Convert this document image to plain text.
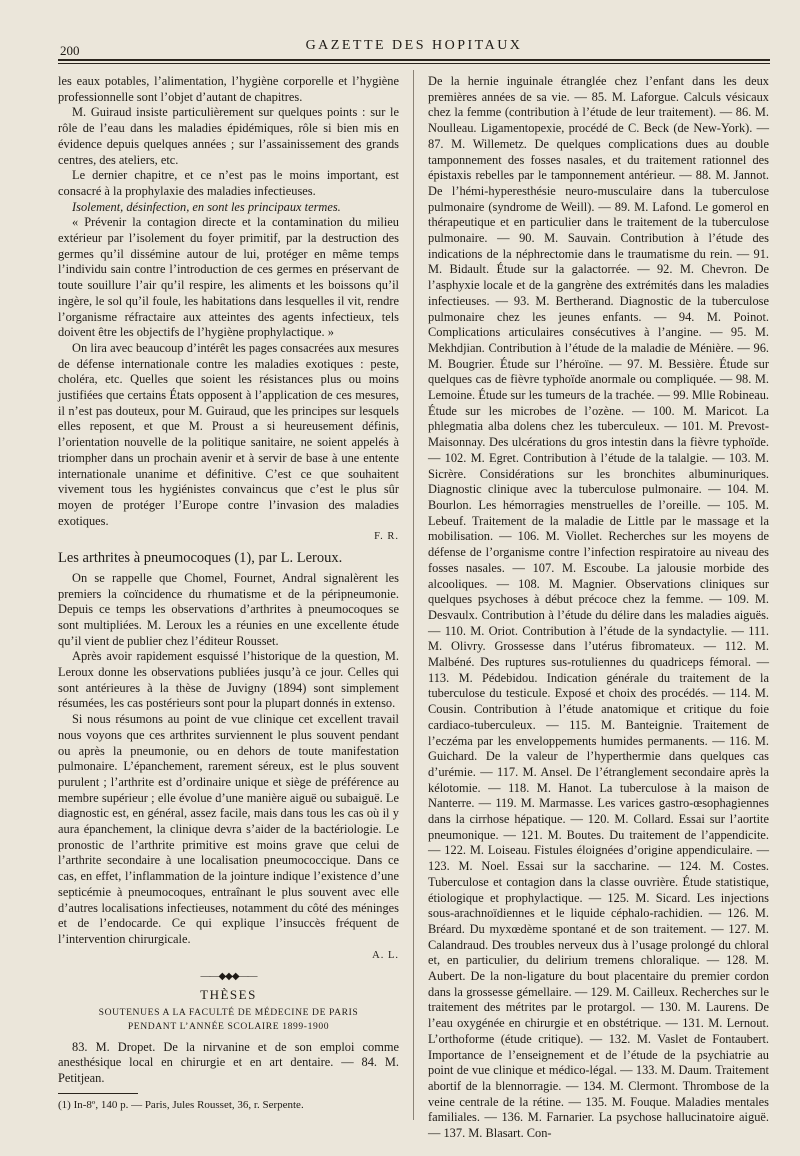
200	GAZETTE DES HOPITAUX

les eaux potables, l’alimentation, l’hygiène corporelle et l’hygiène professionnelle sont l’objet d’autant de chapitres.

M. Guiraud insiste particulièrement sur quelques points : sur le rôle de l’eau dans les maladies épidémiques, rôle si bien mis en évidence depuis quelques années ; sur l’assainissement des grands centres, des ateliers, etc.

Le dernier chapitre, et ce n’est pas le moins important, est consacré à la prophylaxie des maladies infectieuses.

Isolement, désinfection, en sont les principaux termes.

« Prévenir la contagion directe et la contamination du milieu extérieur par l’isolement du foyer primitif, par la destruction des germes qu’il dissémine autour de lui, protéger en même temps l’individu sain contre l’introduction de ces germes en préservant de toute souillure l’air qu’il respire, les aliments et les boissons qu’il ingère, le sol qu’il foule, les habitations dans lesquelles il vit, rendre l’organisme réfractaire aux atteintes des agents infectieux, tels doivent être les objectifs de l’hygiène prophylactique. »

On lira avec beaucoup d’intérêt les pages consacrées aux mesures de défense internationale contre les maladies exotiques : peste, choléra, etc. Quelles que soient les résistances plus ou moins justifiées que certains États opposent à l’application de ces mesures, il n’est pas douteux, pour M. Guiraud, que les principes sur lesquels elles reposent, et que M. Proust a si heureusement définis, l’orientation nouvelle de la politique sanitaire, ne soient appelés à triompher dans un prochain avenir et à servir de base à une entente internationale unanime et définitive. C’est ce que souhaitent vivement tous les hygiénistes convaincus que c’est le plus sûr moyen de protéger l’Europe contre l’invasion des maladies exotiques.

F. R.
Les arthrites à pneumocoques (1), par L. Leroux.

On se rappelle que Chomel, Fournet, Andral signalèrent les premiers la coïncidence du rhumatisme et de la péripneumonie. Depuis ce temps les observations d’arthrites à pneumocoques se sont multipliées. M. Leroux les a réunies en une excellente étude qu’il vient de publier chez l’éditeur Rousset.

Après avoir rapidement esquissé l’historique de la question, M. Leroux donne les observations publiées jusqu’à ce jour. Celles qui sont antérieures à la thèse de Juvigny (1894) sont simplement résumées, les cas postérieurs sont pour la plupart donnés in extenso.

Si nous résumons au point de vue clinique cet excellent travail nous voyons que ces arthrites surviennent le plus souvent pendant ou après la pneumonie, ou en dehors de toute manifestation pulmonaire. L’épanchement, rarement séreux, est le plus souvent purulent ; l’arthrite est d’ordinaire unique et siège de préférence au membre supérieur ; elle évolue d’une manière aiguë ou subaiguë. Le diagnostic est, en général, assez facile, mais dans tous les cas où il y aura épanchement, la clinique devra s’aider de la bactériologie. Le pronostic de l’arthrite primitive est moins grave que celui de l’arthrite secondaire à une localisation pneumococcique. Dans ce cas, en effet, l’inflammation de la jointure indique l’existence d’une septicémie à pneumocoques, entraînant le plus souvent avec elle d’autres localisations infectieuses, notamment du côté des méninges et de l’endocarde. Ce qui explique l’insuccès fréquent de l’intervention chirurgicale.

A. L.
——◆◆◆——
THÈSES
SOUTENUES A LA FACULTÉ DE MÉDECINE DE PARIS
PENDANT L’ANNÉE SCOLAIRE 1899-1900

83. M. Dropet. De la nirvanine et de son emploi comme anesthésique local en chirurgie et en art dentaire. — 84. M. Petitjean.

(1) In-8º, 140 p. — Paris, Jules Rousset, 36, r. Serpente.

De la hernie inguinale étranglée chez l’enfant dans les deux premières années de sa vie. — 85. M. Laforgue. Calculs vésicaux chez la femme (contribution à l’étude de leur traitement). — 86. M. Noulleau. Ligamentopexie, procédé de C. Beck (de New-York). — 87. M. Willemetz. De quelques complications dues au double tamponnement des fosses nasales, et du traitement rationnel des épistaxis rebelles par le tamponnement antérieur. — 88. M. Jannot. De l’hémi-hyperesthésie neuro-musculaire dans la tuberculose pulmonaire (syndrome de Weill). — 89. M. Lafond. Le gomerol en thérapeutique et en particulier dans le traitement de la tuberculose pulmonaire. — 90. M. Sauvain. Contribution à l’étude des indications de la néphrectomie dans le traumatisme du rein. — 91. M. Bidault. Étude sur la galactorrée. — 92. M. Chevron. De l’asphyxie locale et de la gangrène des extrémités dans les maladies infectieuses. — 93. M. Bertherand. Diagnostic de la tuberculose pulmonaire chez les jeunes enfants. — 94. M. Poinot. Complications articulaires consécutives à l’angine. — 95. M. Mekhdjian. Contribution à l’étude de la maladie de Ménière. — 96. M. Bougrier. Étude sur l’héroïne. — 97. M. Bessière. Étude sur quelques cas de fièvre typhoïde anormale ou compliquée. — 98. M. Lemoine. Étude sur les tumeurs de la trachée. — 99. Mlle Robineau. Étude sur les microbes de l’ozène. — 100. M. Maricot. La phlegmatia alba dolens chez les tuberculeux. — 101. M. Prevost-Maisonnay. Des ulcérations du gros intestin dans la fièvre typhoïde. — 102. M. Egret. Contribution à l’étude de la talalgie. — 103. M. Sicrère. Considérations sur les bronchites albuminuriques. Diagnostic clinique avec la tuberculose pulmonaire. — 104. M. Bourlon. Les hémorragies menstruelles de l’oreille. — 105. M. Lebeuf. Traitement de la maladie de Little par le massage et la mobilisation. — 106. M. Viollet. Recherches sur les moyens de défense de l’organisme contre l’infection respiratoire au niveau des fosses nasales. — 107. M. Escoube. La jalousie morbide des alcooliques. — 108. M. Magnier. Observations cliniques sur quelques psychoses à début précoce chez la femme. — 109. M. Desvaulx. Contribution à l’étude du délire dans les maladies aiguës. — 110. M. Oriot. Contribution à l’étude de la syndactylie. — 111. M. Olivry. Grossesse dans l’utérus fibromateux. — 112. M. Malbéné. Des ruptures sus-rotuliennes du quadriceps fémoral. — 113. M. Pédebidou. Indication générale du traitement de la tuberculose du testicule. Exposé et choix des procédés. — 114. M. Cousin. Contribution à l’étude anatomique et critique du foie cardiaco-tuberculeux. — 115. M. Banteignie. Traitement de l’eczéma par les enveloppements humides permanents. — 116. M. Guichard. De la valeur de l’hyperthermie dans quelques cas d’urémie. — 117. M. Ansel. De l’étranglement secondaire après la kélotomie. — 118. M. Hanot. La tuberculose à la maison de Nanterre. — 119. M. Marmasse. Les varices gastro-œsophagiennes dans la cirrhose hépatique. — 120. M. Collard. Essai sur l’aortite pneumonique. — 121. M. Boutes. Du traitement de l’appendicite. — 122. M. Loiseau. Fistules éloignées d’origine appendiculaire. — 123. M. Noel. Essai sur la saccharine. — 124. M. Costes. Tuberculose et contagion dans la classe ouvrière. Étude statistique, étiologique et prophylactique. — 125. M. Sicard. Les injections sous-arachnoïdiennes et le liquide céphalo-rachidien. — 126. M. Bréard. Du myxœdème spontané et de son traitement. — 127. M. Calandraud. Des troubles nerveux dus à l’usage prolongé du chloral et, en particulier, du delirium tremens chloralique. — 128. M. Aubert. De la non-ligature du bout placentaire du premier cordon dans la grossesse gémellaire. — 129. M. Cailleux. Recherches sur le traitement des métrites par le protargol. — 130. M. Laurens. De l’eau oxygénée en chirurgie et en obstétrique. — 131. M. Lernout. L’orthoforme (étude critique). — 132. M. Vaslet de Fontaubert. Importance de l’enseignement et de l’étude de la psychiatrie au point de vue clinique et médico-légal. — 133. M. Daum. Traitement abortif de la blennorragie. — 134. M. Clermont. Thrombose de la veine centrale de la rétine. — 135. M. Fouque. Maladies mentales familiales. — 136. M. Farnarier. La psychose hallucinatoire aiguë. — 137. M. Blasart. Con-
